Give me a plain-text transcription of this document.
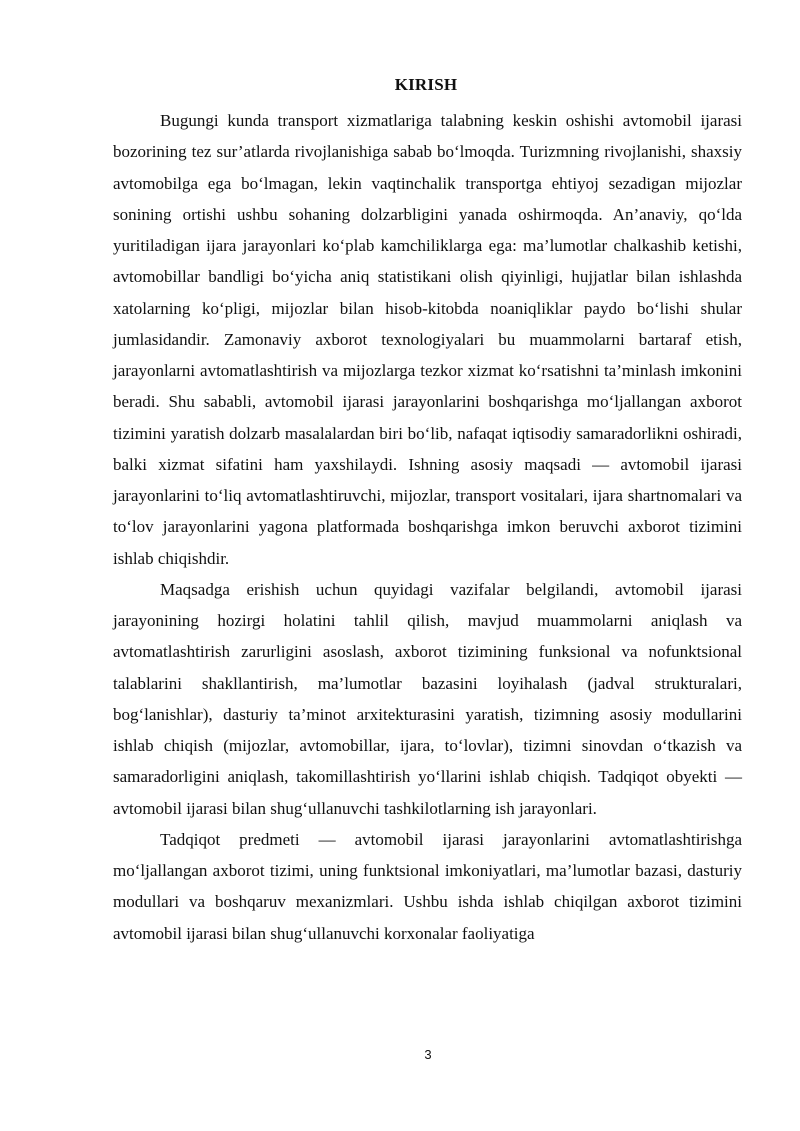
KIRISH

Bugungi kunda transport xizmatlariga talabning keskin oshishi avtomobil ijarasi bozorining tez sur’atlarda rivojlanishiga sabab bo‘lmoqda. Turizmning rivojlanishi, shaxsiy avtomobilga ega bo‘lmagan, lekin vaqtinchalik transportga ehtiyoj sezadigan mijozlar sonining ortishi ushbu sohaning dolzarbligini yanada oshirmoqda. An’anaviy, qo‘lda yuritiladigan ijara jarayonlari ko‘plab kamchiliklarga ega: ma’lumotlar chalkashib ketishi, avtomobillar bandligi bo‘yicha aniq statistikani olish qiyinligi, hujjatlar bilan ishlashda xatolarning ko‘pligi, mijozlar bilan hisob-kitobda noaniqliklar paydo bo‘lishi shular jumlasidandir. Zamonaviy axborot texnologiyalari bu muammolarni bartaraf etish, jarayonlarni avtomatlashtirish va mijozlarga tezkor xizmat ko‘rsatishni ta’minlash imkonini beradi. Shu sababli, avtomobil ijarasi jarayonlarini boshqarishga mo‘ljallangan axborot tizimini yaratish dolzarb masalalardan biri bo‘lib, nafaqat iqtisodiy samaradorlikni oshiradi, balki xizmat sifatini ham yaxshilaydi. Ishning asosiy maqsadi — avtomobil ijarasi jarayonlarini to‘liq avtomatlashtiruvchi, mijozlar, transport vositalari, ijara shartnomalari va to‘lov jarayonlarini yagona platformada boshqarishga imkon beruvchi axborot tizimini ishlab chiqishdir.

Maqsadga erishish uchun quyidagi vazifalar belgilandi, avtomobil ijarasi jarayonining hozirgi holatini tahlil qilish, mavjud muammolarni aniqlash va avtomatlashtirish zarurligini asoslash, axborot tizimining funksional va nofunktsional talablarini shakllantirish, ma’lumotlar bazasini loyihalash (jadval strukturalari, bog‘lanishlar), dasturiy ta’minot arxitekturasini yaratish, tizimning asosiy modullarini ishlab chiqish (mijozlar, avtomobillar, ijara, to‘lovlar), tizimni sinovdan o‘tkazish va samaradorligini aniqlash, takomillashtirish yo‘llarini ishlab chiqish. Tadqiqot obyekti — avtomobil ijarasi bilan shug‘ullanuvchi tashkilotlarning ish jarayonlari.

Tadqiqot predmeti — avtomobil ijarasi jarayonlarini avtomatlashtirishga mo‘ljallangan axborot tizimi, uning funktsional imkoniyatlari, ma’lumotlar bazasi, dasturiy modullari va boshqaruv mexanizmlari. Ushbu ishda ishlab chiqilgan axborot tizimini avtomobil ijarasi bilan shug‘ullanuvchi korxonalar faoliyatiga

3
